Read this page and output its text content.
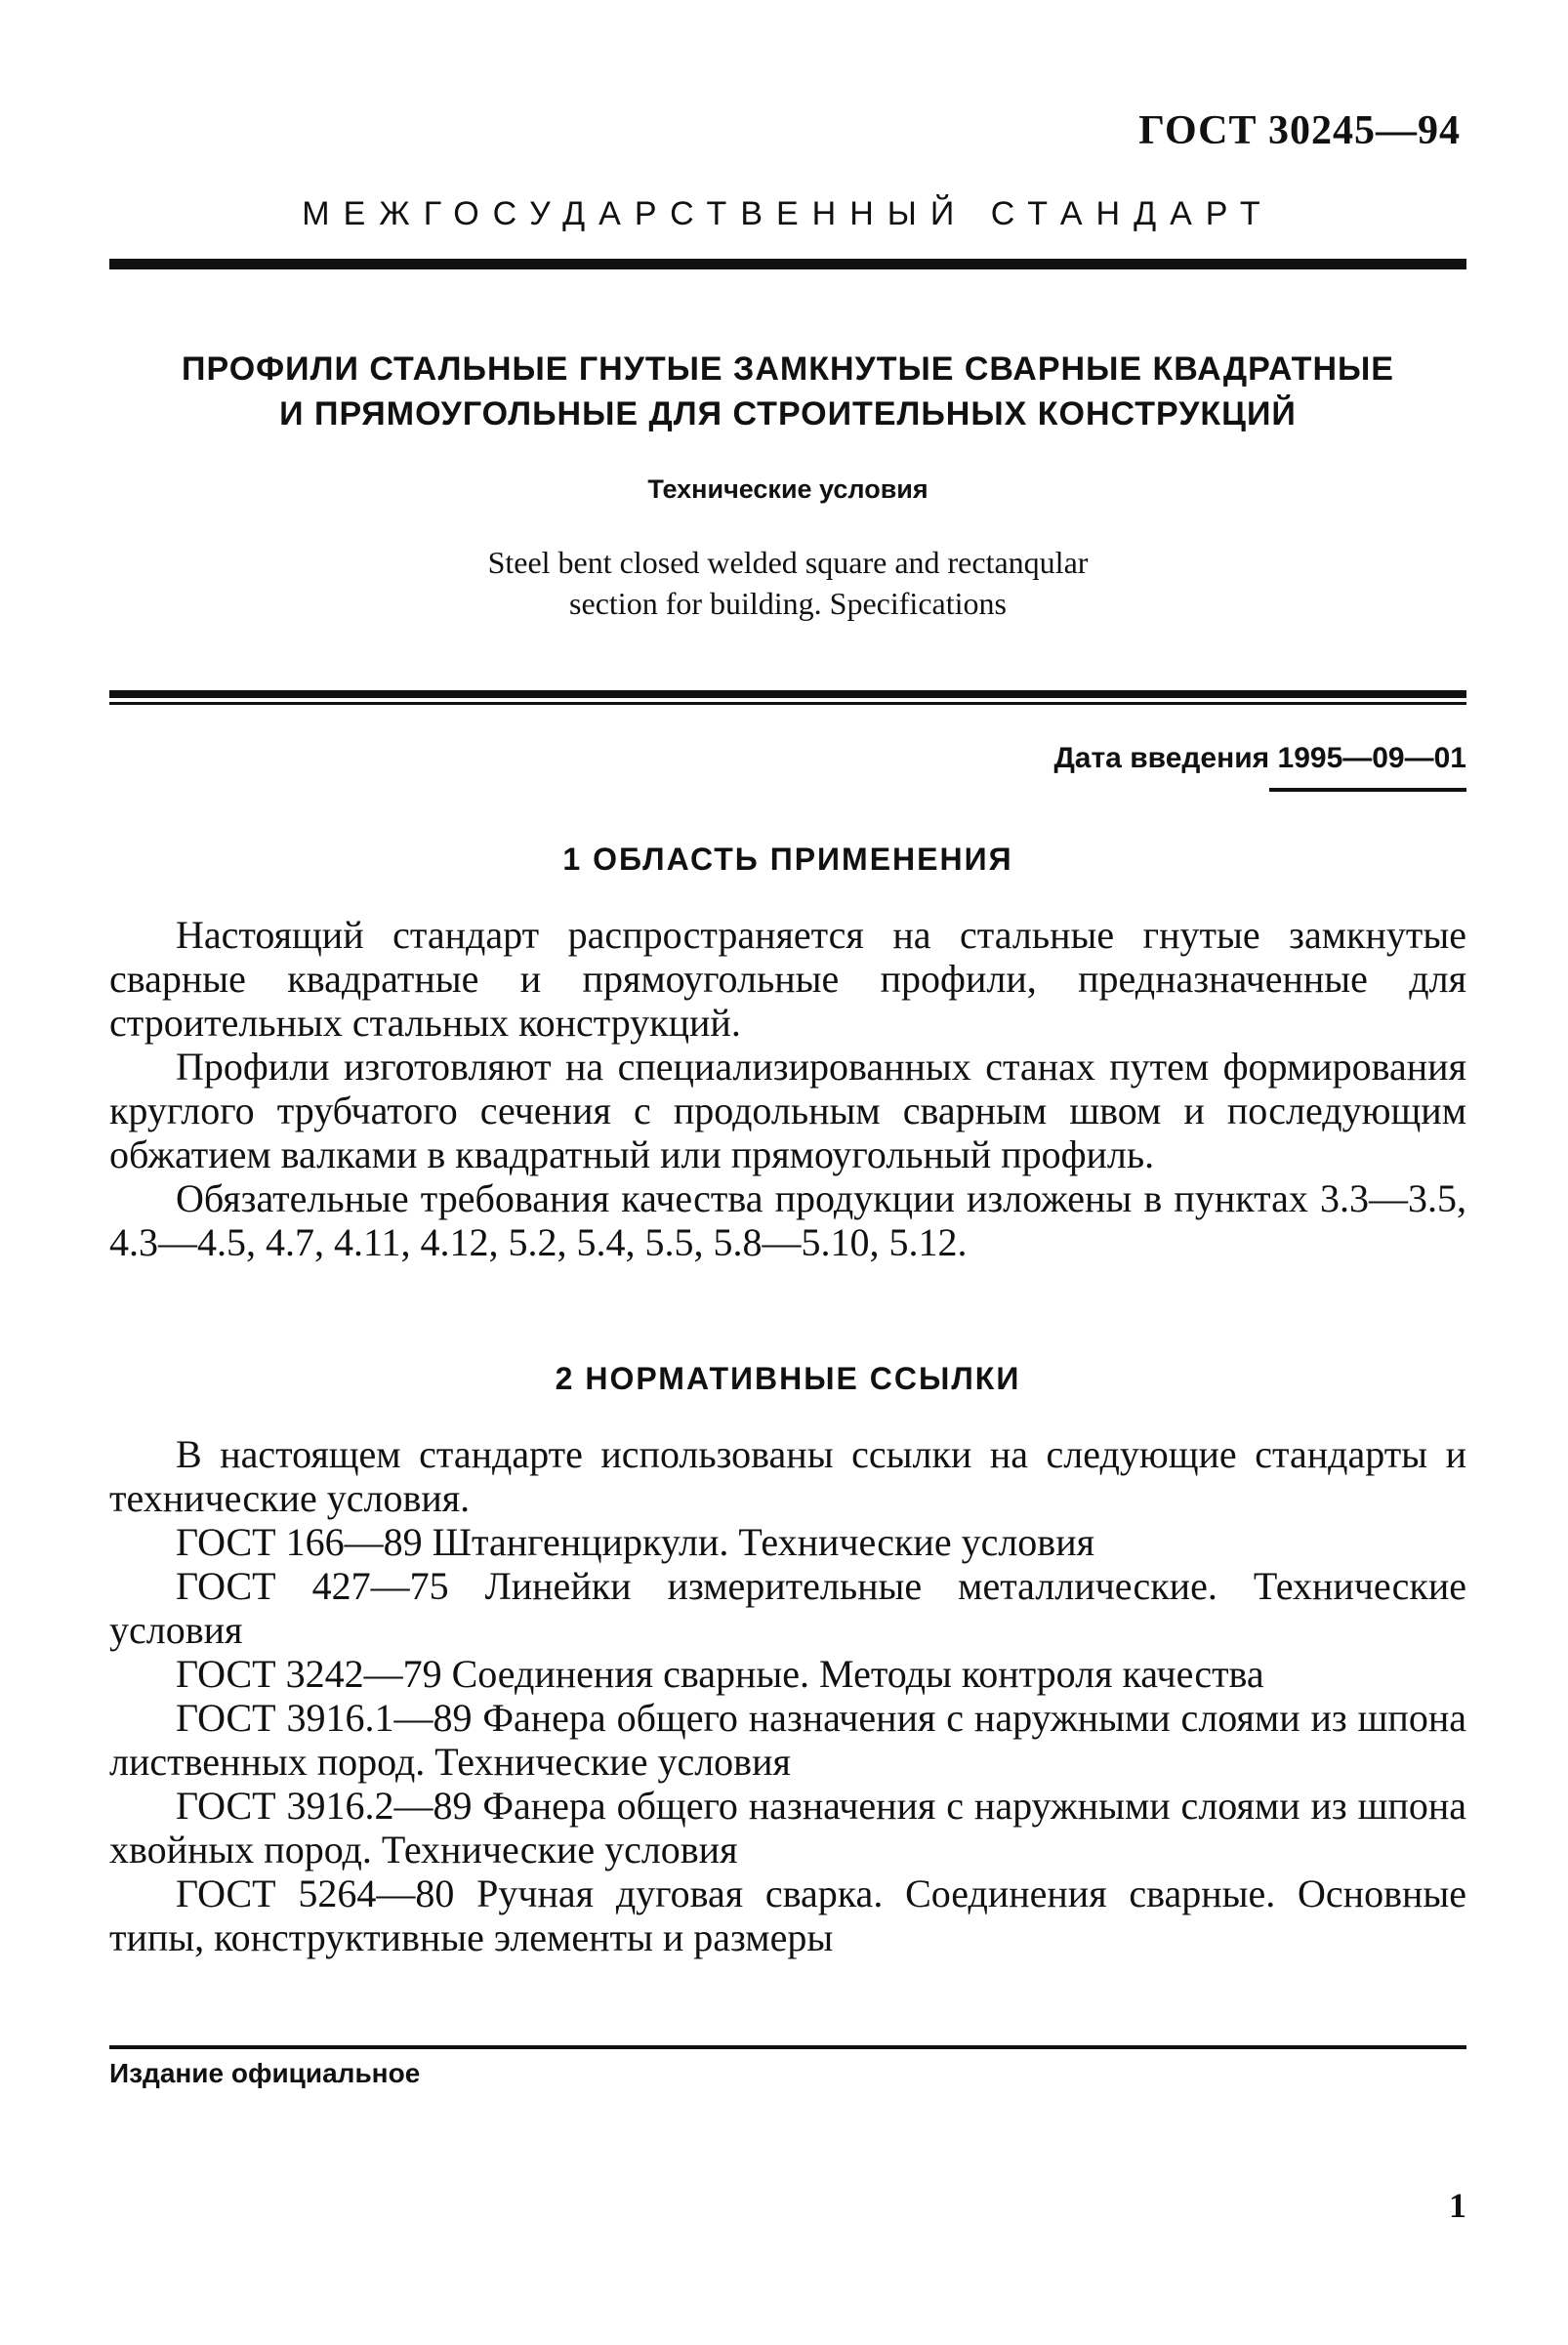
ГОСТ 30245—94
МЕЖГОСУДАРСТВЕННЫЙ СТАНДАРТ
ПРОФИЛИ СТАЛЬНЫЕ ГНУТЫЕ ЗАМКНУТЫЕ СВАРНЫЕ КВАДРАТНЫЕ
И ПРЯМОУГОЛЬНЫЕ ДЛЯ СТРОИТЕЛЬНЫХ КОНСТРУКЦИЙ
Технические условия
Steel bent closed welded square and rectanqular
section for building. Specifications
Дата введения 1995—09—01
1 ОБЛАСТЬ ПРИМЕНЕНИЯ

Настоящий стандарт распространяется на стальные гнутые замкнутые сварные квадратные и прямоугольные профили, предназначенные для строительных стальных конструкций.

Профили изготовляют на специализированных станах путем формирования круглого трубчатого сечения с продольным сварным швом и последующим обжатием валками в квадратный или прямоугольный профиль.

Обязательные требования качества продукции изложены в пунктах 3.3—3.5, 4.3—4.5, 4.7, 4.11, 4.12, 5.2, 5.4, 5.5, 5.8—5.10, 5.12.

2 НОРМАТИВНЫЕ ССЫЛКИ

В настоящем стандарте использованы ссылки на следующие стандарты и технические условия.

ГОСТ 166—89 Штангенциркули. Технические условия

ГОСТ 427—75 Линейки измерительные металлические. Технические условия

ГОСТ 3242—79 Соединения сварные. Методы контроля качества

ГОСТ 3916.1—89 Фанера общего назначения с наружными слоями из шпона лиственных пород. Технические условия

ГОСТ 3916.2—89 Фанера общего назначения с наружными слоями из шпона хвойных пород. Технические условия

ГОСТ 5264—80 Ручная дуговая сварка. Соединения сварные. Основные типы, конструктивные элементы и размеры

Издание официальное
1
